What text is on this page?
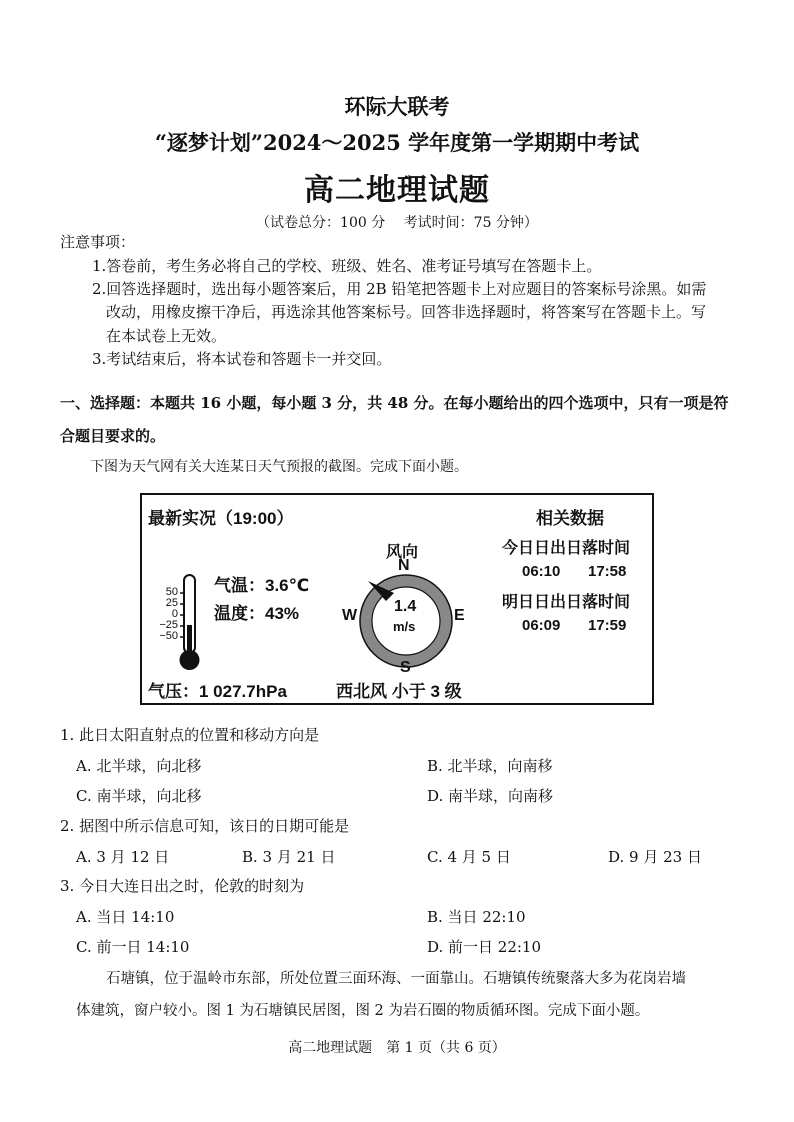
环际大联考
“逐梦计划”2024～2025 学年度第一学期期中考试
高二地理试题
（试卷总分：100 分　 考试时间：75 分钟）
注意事项：
1.答卷前，考生务必将自己的学校、班级、姓名、准考证号填写在答题卡上。
2.回答选择题时，选出每小题答案后，用 2B 铅笔把答题卡上对应题目的答案标号涂黑。如需
改动，用橡皮擦干净后，再选涂其他答案标号。回答非选择题时，将答案写在答题卡上。写
在本试卷上无效。
3.考试结束后，将本试卷和答题卡一并交回。
一、选择题：本题共 16 小题，每小题 3 分，共 48 分。在每小题给出的四个选项中，只有一项是符
合题目要求的。
下图为天气网有关大连某日天气预报的截图。完成下面小题。
最新实况（19:00）
50
25
0
−25
−50
气温：3.6℃
温度：43%
气压：1 027.7hPa
风向
N
S
E
W
1.4
m/s
西北风 小于 3 级
相关数据
今日日出日落时间
06:10 17:58
明日日出日落时间
06:09 17:59
1. 此日太阳直射点的位置和移动方向是
A. 北半球，向北移	B. 北半球，向南移
C. 南半球，向北移	D. 南半球，向南移
2. 据图中所示信息可知，该日的日期可能是
A. 3 月 12 日	B. 3 月 21 日	C. 4 月 5 日	D. 9 月 23 日
3. 今日大连日出之时，伦敦的时刻为
A. 当日 14:10	B. 当日 22:10
C. 前一日 14:10	D. 前一日 22:10
石塘镇，位于温岭市东部，所处位置三面环海、一面靠山。石塘镇传统聚落大多为花岗岩墙
体建筑，窗户较小。图 1 为石塘镇民居图，图 2 为岩石圈的物质循环图。完成下面小题。
高二地理试题　第 1 页（共 6 页）
